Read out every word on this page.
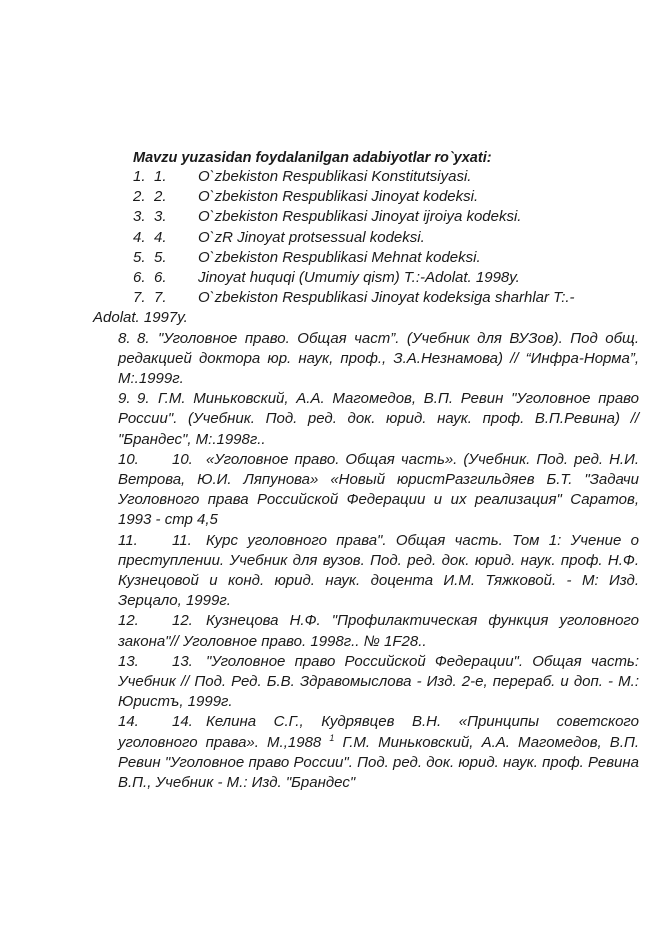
Mavzu yuzasidan foydalanilgan adabiyotlar ro`yxati:
1. 1.	O`zbekiston Respublikasi Konstitutsiyasi.
2. 2.	O`zbekiston Respublikasi Jinoyat kodeksi.
3. 3.	O`zbekiston Respublikasi Jinoyat ijroiya kodeksi.
4. 4.	O`zR Jinoyat protsessual kodeksi.
5. 5.	O`zbekiston Respublikasi Mehnat kodeksi.
6. 6.	Jinoyat huquqi (Umumiy qism) T.:-Adolat. 1998y.
7. 7.	O`zbekiston Respublikasi Jinoyat kodeksiga sharhlar T:.-
Adolat. 1997y.
8. 8. "Уголовное право. Общая част”. (Учебник для ВУЗов). Под общ. редакцией доктора юр. наук, проф., З.А.Незнамова) // “Инфра-Норма”, М:.1999г.
9. 9. Г.М. Миньковский, А.А. Магомедов, В.П. Ревин "Уголовное право России". (Учебник. Под. ред. док. юрид. наук. проф. В.П.Ревина) // "Брандес", М:.1998г..
10. 10. «Уголовное право. Общая часть». (Учебник. Под. ред. Н.И. Ветрова, Ю.И. Ляпунова» «Новый юристРазгильдяев Б.Т. "Задачи Уголовного права Российской Федерации и их реализация" Саратов, 1993 - стр 4,5
11. 11. Курс уголовного права". Общая часть. Том 1: Учение о преступлении. Учебник для вузов. Под. ред. док. юрид. наук. проф. Н.Ф. Кузнецовой и конд. юрид. наук. доцента И.М. Тяжковой. - М: Изд. Зерцало, 1999г.
12. 12. Кузнецова Н.Ф. "Профилактическая функция уголовного закона"// Уголовное право. 1998г.. № 1F28..
13. 13. "Уголовное право Российской Федерации". Общая часть: Учебник // Под. Ред. Б.В. Здравомыслова - Изд. 2-е, перераб. и доп. - М.: Юристъ, 1999г.
14. 14. Келина С.Г., Кудрявцев В.Н. «Принципы советского уголовного права». М.,1988 $^1$ Г.М. Миньковский, А.А. Магомедов, В.П. Ревин "Уголовное право России". Под. ред. док. юрид. наук. проф. Ревина В.П., Учебник - М.: Изд. "Брандес"
